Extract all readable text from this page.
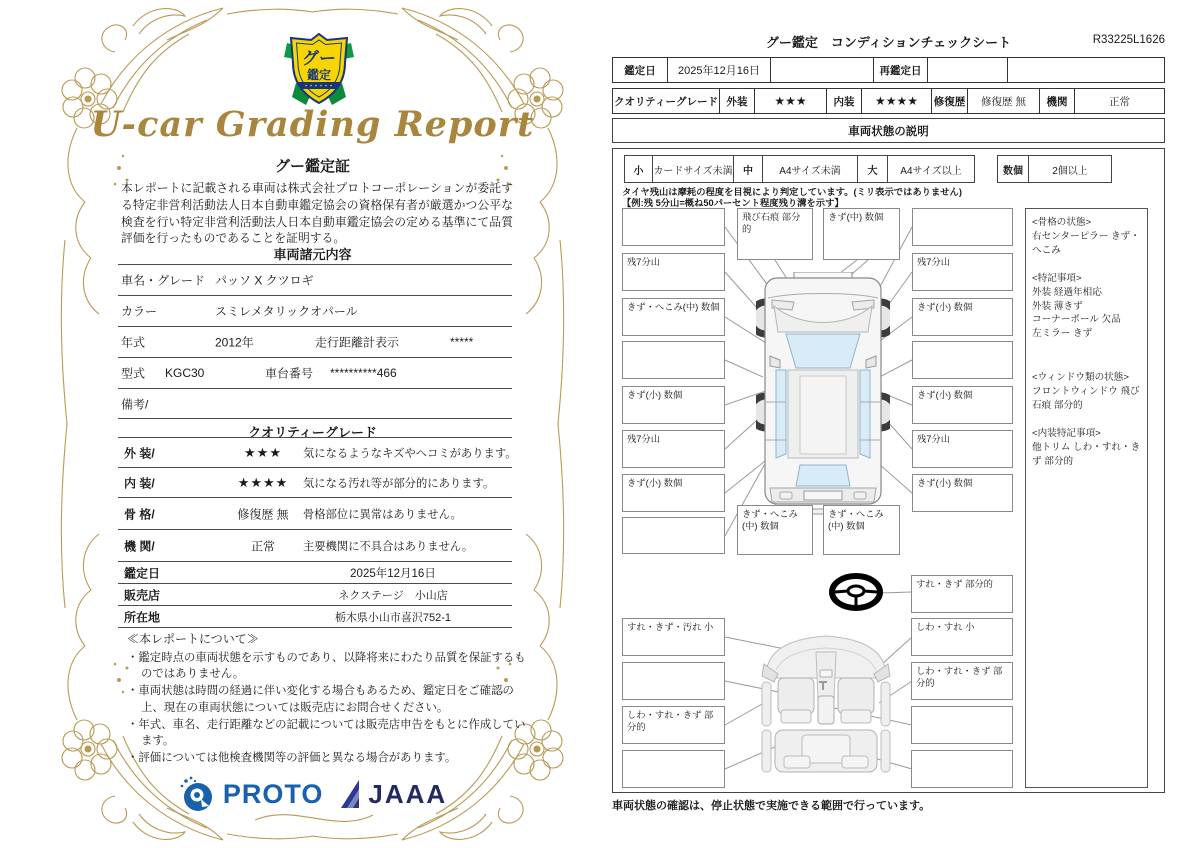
グー
鑑定
U-car Grading Report
グー鑑定証
本レポートに記載される車両は株式会社プロトコーポレーションが委託する特定非営利活動法人日本自動車鑑定協会の資格保有者が厳選かつ公平な検査を行い特定非営利活動法人日本自動車鑑定協会の定める基準にて品質評価を行ったものであることを証明する。
車両諸元内容
車名・グレード パッソ X クツロギ
カラー	スミレメタリックオパール
年式	2012年	走行距離計表示	*****
型式 KGC30	車台番号 **********466
備考/
クオリティーグレード
外 装/	★★★	気になるようなキズやヘコミがあります。
内 装/	★★★★	気になる汚れ等が部分的にあります。
骨 格/	修復歴 無	骨格部位に異常はありません。
機 関/	正常	主要機関に不具合はありません。
鑑定日	2025年12月16日
販売店	ネクステージ　小山店
所在地	栃木県小山市喜沢752-1
≪本レポートについて≫
・鑑定時点の車両状態を示すものであり、以降将来にわたり品質を保証するものではありません。
・車両状態は時間の経過に伴い変化する場合もあるため、鑑定日をご確認の上、現在の車両状態については販売店にお問合せください。
・年式、車名、走行距離などの記載については販売店申告をもとに作成しています。
・評価については他検査機関等の評価と異なる場合があります。
PROTO JAAA
グー鑑定　コンディションチェックシート	R33225L1626
鑑定日	2025年12月16日	再鑑定日
クオリティーグレード 外装	★★★	内装	★★★★	修復歴	修復歴 無	機関	正常
車両状態の説明
小 カードサイズ未満	中	A4サイズ未満	大	A4サイズ以上	数個	2個以上
タイヤ残山は摩耗の程度を目視により判定しています。(ミリ表示ではありません)
【例:残 5分山=概ね50パーセント程度残り溝を示す】
残7分山
きず・へこみ(中) 数個
きず(小) 数個
残7分山
きず(小) 数個
飛び石痕 部分的
きず(中) 数個
残7分山
きず(小) 数個
きず(小) 数個
残7分山
きず(小) 数個
きず・へこみ(中) 数個
きず・へこみ(中) 数個
すれ・きず 部分的
すれ・きず・汚れ 小
しわ・すれ・きず 部分的
しわ・すれ 小
しわ・すれ・きず 部分的
<骨格の状態>
右センターピラー きず・へこみ
<特記事項>
外装 経過年相応
外装 薄きず
コーナーポール 欠品
左ミラー きず
<ウィンドウ類の状態>
フロントウィンドウ 飛び石痕 部分的
<内装特記事項>
他トリム しわ・すれ・きず 部分的
車両状態の確認は、停止状態で実施できる範囲で行っています。
